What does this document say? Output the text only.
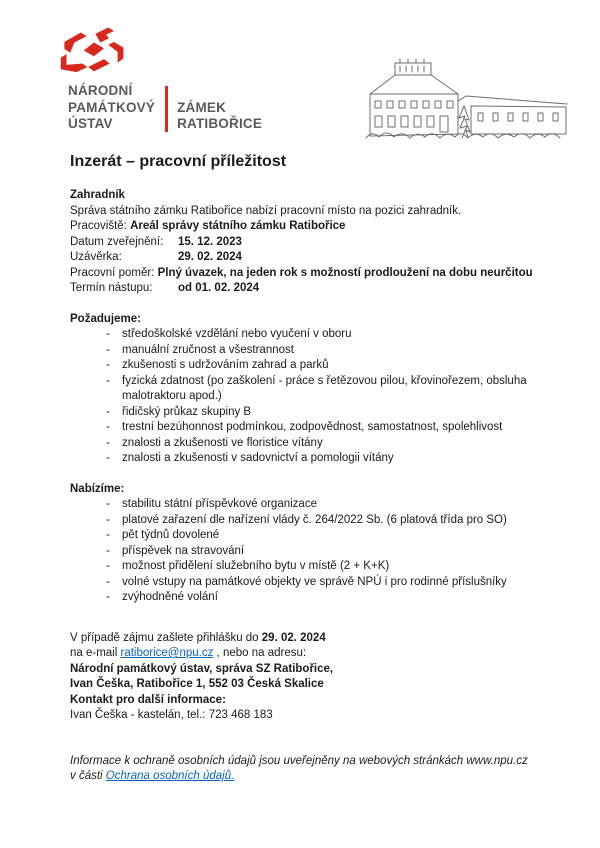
NÁRODNÍ
PAMÁTKOVÝ
ÚSTAV
ZÁMEK
RATIBOŘICE
Inzerát – pracovní příležitost
Zahradník
Správa státního zámku Ratibořice nabízí pracovní místo na pozici zahradník.
Pracoviště: Areál správy státního zámku Ratibořice
Datum zveřejnění: 15. 12. 2023
Uzávěrka:	29. 02. 2024
Pracovní poměr: Plný úvazek, na jeden rok s možností prodloužení na dobu neurčitou
Termín nástupu: od 01. 02. 2024
Požadujeme:
- středoškolské vzdělání nebo vyučení v oboru
- manuální zručnost a všestrannost
- zkušenosti s udržováním zahrad a parků
- fyzická zdatnost (po zaškolení - práce s řetězovou pilou, křovinořezem, obsluha malotraktoru apod.)
- řidičský průkaz skupiny B
- trestní bezúhonnost podmínkou, zodpovědnost, samostatnost, spolehlivost
- znalosti a zkušenosti ve floristice vítány
- znalosti a zkušenosti v sadovnictví a pomologii vítány
Nabízíme:
- stabilitu státní příspěvkové organizace
- platové zařazení dle nařízení vlády č. 264/2022 Sb. (6 platová třída pro SO)
- pět týdnů dovolené
- příspěvek na stravování
- možnost přidělení služebního bytu v místě (2 + K+K)
- volné vstupy na památkové objekty ve správě NPÚ i pro rodinné příslušníky
- zvýhodněné volání
V případě zájmu zašlete přihlášku do 29. 02. 2024
na e-mail ratiborice@npu.cz , nebo na adresu:
Národní památkový ústav, správa SZ Ratibořice,
Ivan Češka, Ratibořice 1, 552 03 Česká Skalice
Kontakt pro další informace:
Ivan Češka - kastelán, tel.: 723 468 183
Informace k ochraně osobních údajů jsou uveřejněny na webových stránkách www.npu.cz
v části Ochrana osobních údajů.
